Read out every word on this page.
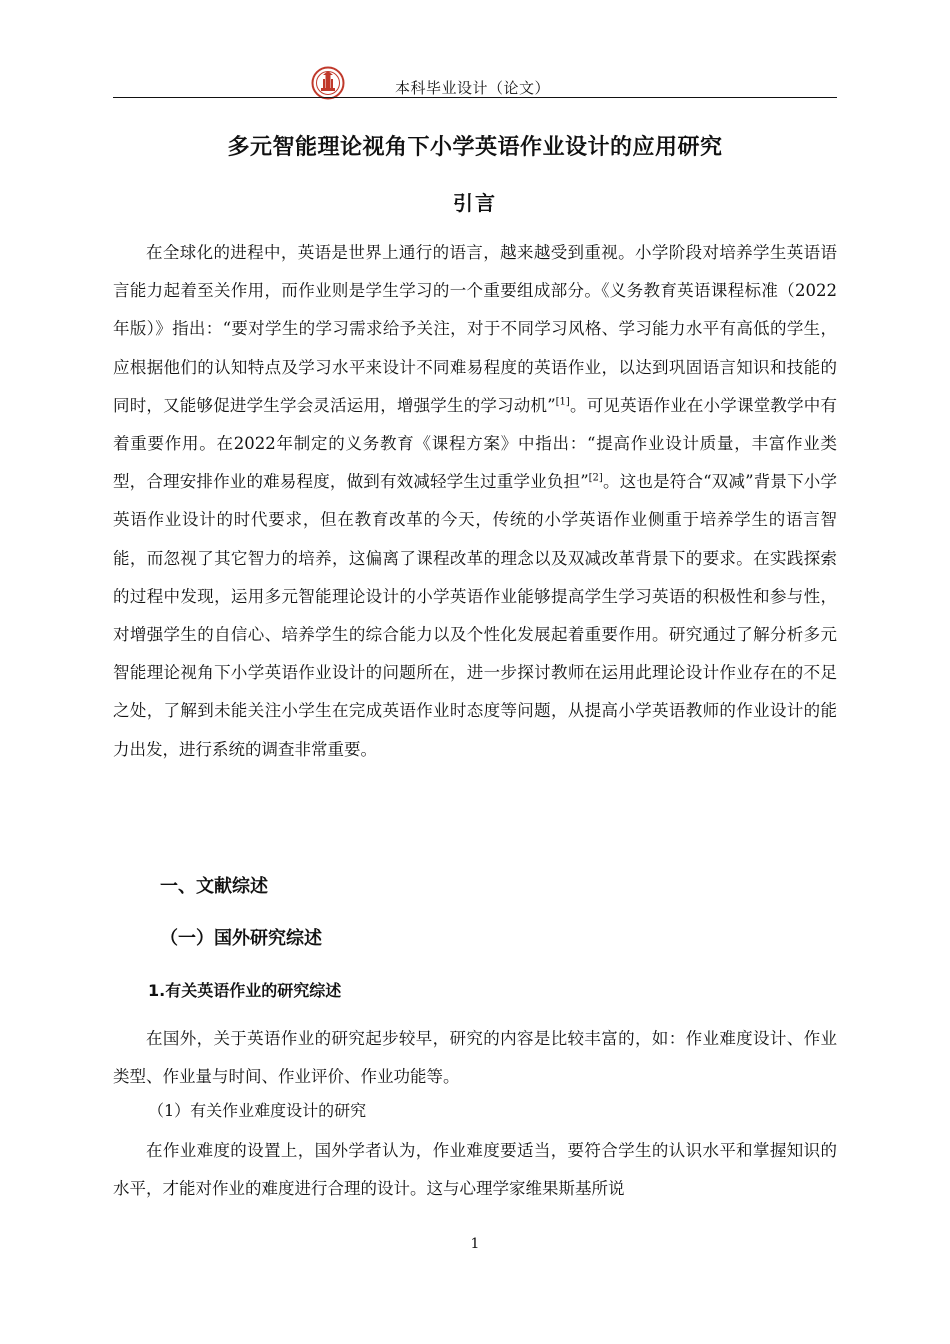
本科毕业设计（论文）
多元智能理论视角下小学英语作业设计的应用研究
引言

在全球化的进程中，英语是世界上通行的语言，越来越受到重视。小学阶段对培养学生英语语言能力起着至关作用，而作业则是学生学习的一个重要组成部分。《义务教育英语课程标准（2022年版）》指出：“要对学生的学习需求给予关注，对于不同学习风格、学习能力水平有高低的学生，应根据他们的认知特点及学习水平来设计不同难易程度的英语作业，以达到巩固语言知识和技能的同时，又能够促进学生学会灵活运用，增强学生的学习动机”[1]。可见英语作业在小学课堂教学中有着重要作用。在2022年制定的义务教育《课程方案》中指出：“提高作业设计质量，丰富作业类型，合理安排作业的难易程度，做到有效减轻学生过重学业负担”[2]。这也是符合“双减”背景下小学英语作业设计的时代要求，但在教育改革的今天，传统的小学英语作业侧重于培养学生的语言智能，而忽视了其它智力的培养，这偏离了课程改革的理念以及双减改革背景下的要求。在实践探索的过程中发现，运用多元智能理论设计的小学英语作业能够提高学生学习英语的积极性和参与性，对增强学生的自信心、培养学生的综合能力以及个性化发展起着重要作用。研究通过了解分析多元智能理论视角下小学英语作业设计的问题所在，进一步探讨教师在运用此理论设计作业存在的不足之处，了解到未能关注小学生在完成英语作业时态度等问题，从提高小学英语教师的作业设计的能力出发，进行系统的调查非常重要。

一、文献综述
（一）国外研究综述
1.有关英语作业的研究综述

在国外，关于英语作业的研究起步较早，研究的内容是比较丰富的，如：作业难度设计、作业类型、作业量与时间、作业评价、作业功能等。

（1）有关作业难度设计的研究

在作业难度的设置上，国外学者认为，作业难度要适当，要符合学生的认识水平和掌握知识的水平，才能对作业的难度进行合理的设计。这与心理学家维果斯基所说

1
